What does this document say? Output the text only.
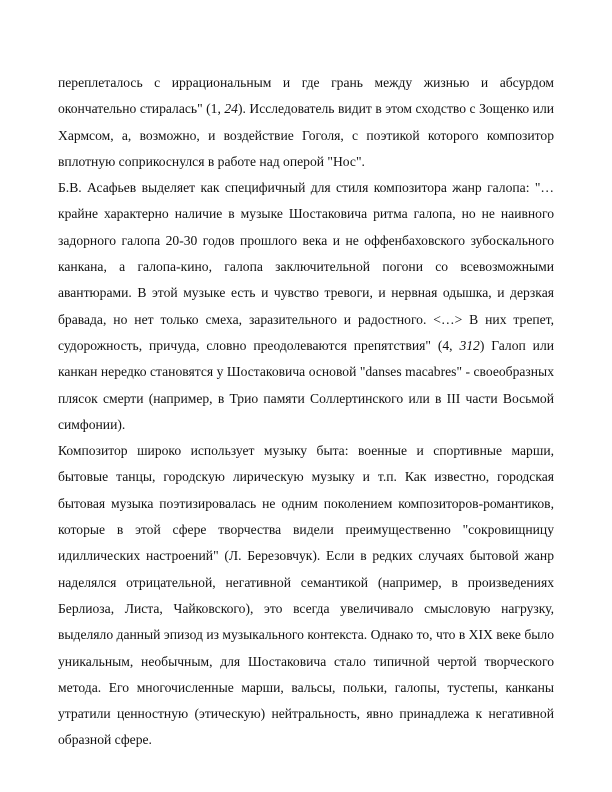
переплеталось с иррациональным и где грань между жизнью и абсурдом окончательно стиралась" (1, 24). Исследователь видит в этом сходство с Зощенко или Хармсом, а, возможно, и воздействие Гоголя, с поэтикой которого композитор вплотную соприкоснулся в работе над оперой "Нос".

Б.В. Асафьев выделяет как специфичный для стиля композитора жанр галопа: "… крайне характерно наличие в музыке Шостаковича ритма галопа, но не наивного задорного галопа 20-30 годов прошлого века и не оффенбаховского зубоскального канкана, а галопа-кино, галопа заключительной погони со всевозможными авантюрами. В этой музыке есть и чувство тревоги, и нервная одышка, и дерзкая бравада, но нет только смеха, заразительного и радостного. <…> В них трепет, судорожность, причуда, словно преодолеваются препятствия" (4, 312) Галоп или канкан нередко становятся у Шостаковича основой "danses macabres" - своеобразных плясок смерти (например, в Трио памяти Соллертинского или в III части Восьмой симфонии).

Композитор широко использует музыку быта: военные и спортивные марши, бытовые танцы, городскую лирическую музыку и т.п. Как известно, городская бытовая музыка поэтизировалась не одним поколением композиторов-романтиков, которые в этой сфере творчества видели преимущественно "сокровищницу идиллических настроений" (Л. Березовчук). Если в редких случаях бытовой жанр наделялся отрицательной, негативной семантикой (например, в произведениях Берлиоза, Листа, Чайковского), это всегда увеличивало смысловую нагрузку, выделяло данный эпизод из музыкального контекста. Однако то, что в XIX веке было уникальным, необычным, для Шостаковича стало типичной чертой творческого метода. Его многочисленные марши, вальсы, польки, галопы, тустепы, канканы утратили ценностную (этическую) нейтральность, явно принадлежа к негативной образной сфере.
